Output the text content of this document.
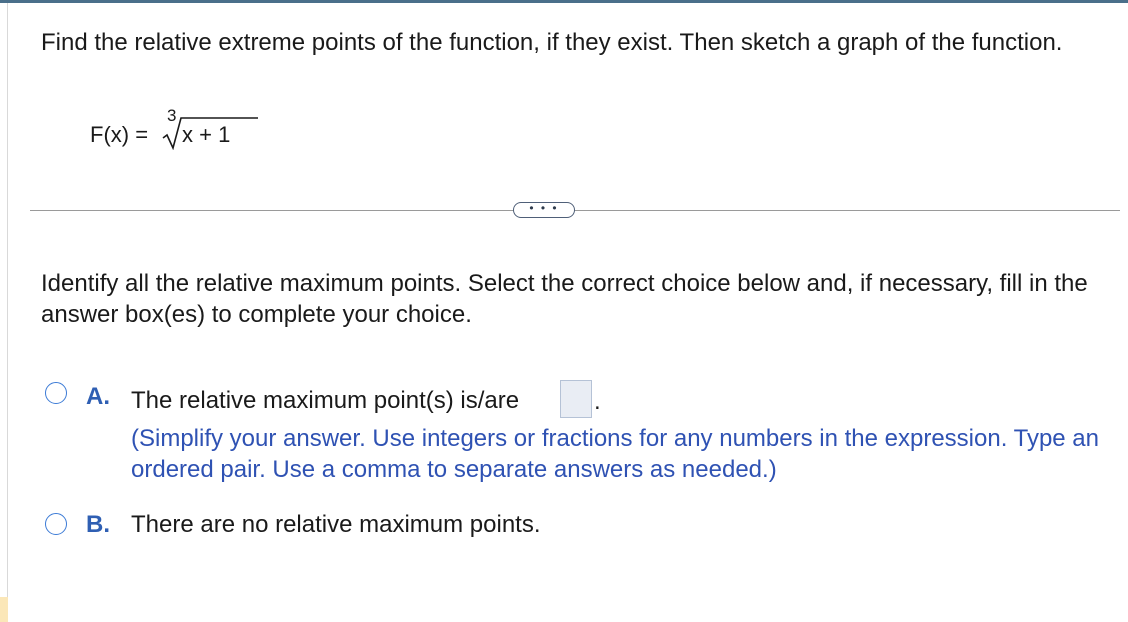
Find the relative extreme points of the function, if they exist. Then sketch a graph of the function.
F(x) =
3
x + 1
• • •
Identify all the relative maximum points. Select the correct choice below and, if necessary, fill in the answer box(es) to complete your choice.
A. The relative maximum point(s) is/are	.
(Simplify your answer. Use integers or fractions for any numbers in the expression. Type an ordered pair. Use a comma to separate answers as needed.)
B. There are no relative maximum points.
